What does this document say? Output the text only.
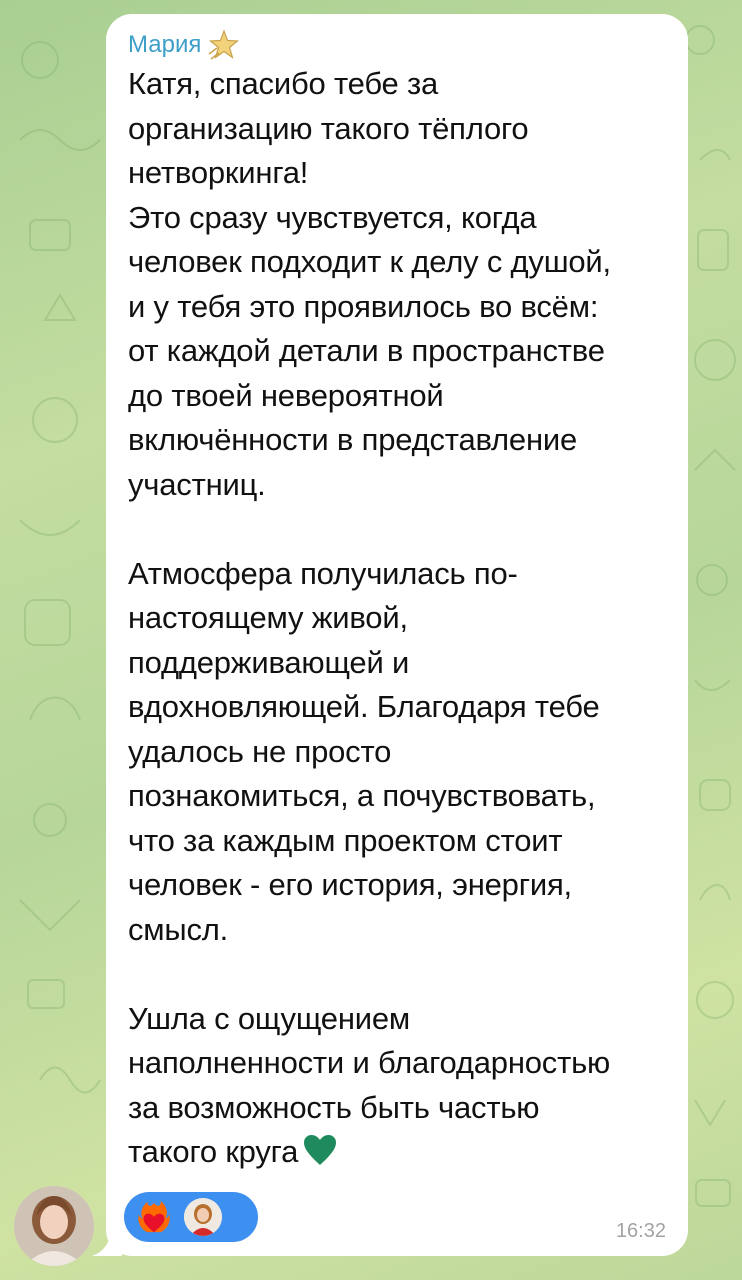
Мария
Катя, спасибо тебе за
организацию такого тёплого
нетворкинга!
Это сразу чувствуется, когда
человек подходит к делу с душой,
и у тебя это проявилось во всём:
от каждой детали в пространстве
до твоей невероятной
включённости в представление
участниц.

Атмосфера получилась по-
настоящему живой,
поддерживающей и
вдохновляющей. Благодаря тебе
удалось не просто
познакомиться, а почувствовать,
что за каждым проектом стоит
человек - его история, энергия,
смысл.

Ушла с ощущением
наполненности и благодарностью
за возможность быть частью
такого круга
16:32
